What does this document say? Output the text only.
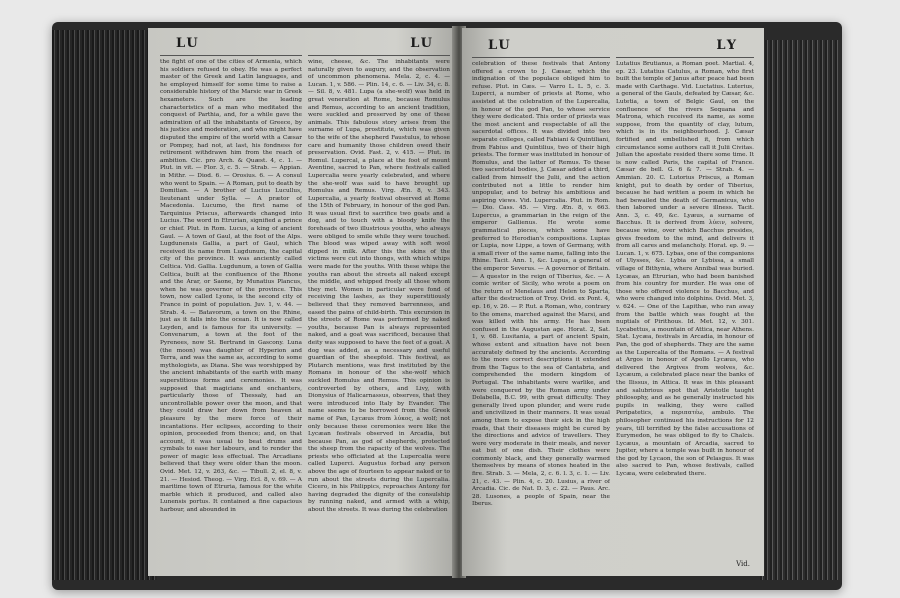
LU	LU

the fight of one of the cities of Armenia, which his soldiers refused to obey. He was a perfect master of the Greek and Latin languages, and he employed himself for some time to raise a considerable history of the Marsic war in Greek hexameters. Such are the leading characteristics of a man who meditated the conquest of Parthia, and, for a while gave the admiration of all the inhabitants of Greece, by his justice and moderation, and who might have disputed the empire of the world with a Cæsar or Pompey, had not, at last, his fondness for retirement withdrawn him from the reach of ambition. Cic. pro Arch. & Quæst. 4, c. 1. — Plut. in vit. — Flor. 3, c. 5. — Strab. — Appian. in Mithr. — Diod. 6. — Orosius. 6. — A consul who went to Spain. — A Roman, put to death by Domitian. — A brother of Lucius Lucullus, lieutenant under Sylla. — A prætor of Macedonia. Lucumo, the first name of Tarquinius Priscus, afterwards changed into Lucius. The word in Etrurian, signified a prince or chief. Plut. in Rom. Lucus, a king of ancient Gaul. — A town of Gaul, at the foot of the Alps. Lugdunensis Gallia, a part of Gaul, which received its name from Lugdunum, the capital city of the province. It was anciently called Celtica. Vid. Gallia. Lugdunum, a town of Gallia Celtica, built at the confluence of the Rhone and the Arar, or Saone, by Munatius Plancus, when he was governor of the province. This town, now called Lyons, is the second city of France in point of population. Juv. 1, v. 44. — Strab. 4. — Batavorum, a town on the Rhine, just as it falls into the ocean. It is now called Leyden, and is famous for its university. — Convenarum, a town at the foot of the Pyrenees, now St. Bertrand in Gascony. Luna (the moon) was daughter of Hyperion and Terra, and was the same as, according to some mythologists, as Diana. She was worshipped by the ancient inhabitants of the earth with many superstitious forms and ceremonies. It was supposed that magicians and enchanters, particularly those of Thessaly, had an uncontrollable power over the moon, and that they could draw her down from heaven at pleasure by the mere force of their incantations. Her eclipses, according to their opinion, proceeded from thence; and, on that account, it was usual to beat drums and cymbals to ease her labours, and to render the power of magic less effectual. The Arcadians believed that they were older than the moon. Ovid. Met. 12, v. 263, &c. — Tibull. 2, el. 8, v. 21. — Hesiod. Theog. — Virg. Ecl. 8, v. 69. — A maritime town of Etruria, famous for the white marble which it produced, and called also Lunensis portus. It contained a fine capacious harbour, and abounded in

wine, cheese, &c. The inhabitants were naturally given to augury, and the observation of uncommon phenomena. Mela. 2, c. 4. — Lucan. 1, v. 586. — Plin. 14, c. 6. — Liv. 34, c. 8. — Sil. 8, v. 481. Lupa (a she-wolf) was held in great veneration at Rome, because Romulus and Remus, according to an ancient tradition, were suckled and preserved by one of these animals. This fabulous story arises from the surname of Lupa, prostitute, which was given to the wife of the shepherd Faustulus, to whose care and humanity those children owed their preservation. Ovid. Fast. 2, v. 415. — Plut. in Romul. Lupercal, a place at the foot of mount Aventine, sacred to Pan, where festivals called Lupercalia were yearly celebrated, and where the she-wolf was said to have brought up Romulus and Remus. Virg. Æn. 8, v. 343. Lupercalia, a yearly festival observed at Rome the 15th of February, in honour of the god Pan. It was usual first to sacrifice two goats and a dog, and to touch with a bloody knife the foreheads of two illustrious youths, who always were obliged to smile while they were touched. The blood was wiped away with soft wool dipped in milk. After this the skins of the victims were cut into thongs, with which whips were made for the youths. With these whips the youths ran about the streets all naked except the middle, and whipped freely all those whom they met. Women in particular were fond of receiving the lashes, as they superstitiously believed that they removed barrenness, and eased the pains of child-birth. This excursion in the streets of Rome was performed by naked youths, because Pan is always represented naked, and a goat was sacrificed, because that deity was supposed to have the feet of a goat. A dog was added, as a necessary and useful guardian of the sheepfold. This festival, as Plutarch mentions, was first instituted by the Romans in honour of the she-wolf which suckled Romulus and Remus. This opinion is controverted by others, and Livy, with Dionysius of Halicarnassus, observes, that they were introduced into Italy by Evander. The name seems to be borrowed from the Greek name of Pan, Lycæus from λύκος, a wolf; not only because these ceremonies were like the Lycæan festivals observed in Arcadia, but because Pan, as god of shepherds, protected the sheep from the rapacity of the wolves. The priests who officiated at the Lupercalia were called Luperci. Augustus forbad any person above the age of fourteen to appear naked or to run about the streets during the Lupercalia. Cicero, in his Philippics, reproaches Antony for having degraded the dignity of the consulship by running naked, and armed with a whip, about the streets. It was during the celebration

LU	LY

celebration of these festivals that Antony offered a crown to J. Cæsar, which the indignation of the populace obliged him to refuse. Plut. in Cæs. — Varro L. L. 5, c. 3. Luperci, a number of priests at Rome, who assisted at the celebration of the Lupercalia, in honour of the god Pan, to whose service they were dedicated. This order of priests was the most ancient and respectable of all the sacerdotal offices. It was divided into two separate colleges, called Fabiani & Quintiliani, from Fabius and Quintilius, two of their high priests. The former was instituted in honour of Romulus, and the latter of Remus. To these two sacerdotal bodies, J. Cæsar added a third, called from himself the Julii, and the action contributed not a little to render him unpopular, and to betray his ambitious and aspiring views. Vid. Lupercalia. Plut. in Rom. — Dio. Cass. 45. — Virg. Æn. 8, v. 663. Lupercus, a grammarian in the reign of the emperor Gallienus. He wrote some grammatical pieces, which some have preferred to Herodian's compositions. Lupias or Lupia, now Lippe, a town of Germany, with a small river of the same name, falling into the Rhine. Tacit. Ann. 1, &c. Lupus, a general of the emperor Severus. — A governor of Britain. — A questor in the reign of Tiberius, &c. — A comic writer of Sicily, who wrote a poem on the return of Menelaus and Helen to Sparta, after the destruction of Troy. Ovid. ex Pont. 4, ep. 16, v. 26. — P. Rut. a Roman, who, contrary to the omens, marched against the Marsi, and was killed with his army. He has been confused in the Augustan age. Horat. 2, Sat. 1, v. 68. Lusitania, a part of ancient Spain, whose extent and situation have not been accurately defined by the ancients. According to the more correct descriptions it extended from the Tagus to the sea of Cantabria, and comprehended the modern kingdom of Portugal. The inhabitants were warlike, and were conquered by the Roman army under Dolabella, B.C. 99, with great difficulty. They generally lived upon plunder, and were rude and uncivilized in their manners. It was usual among them to expose their sick in the high roads, that their diseases might be cured by the directions and advice of travellers. They were very moderate in their meals, and never eat but of one dish. Their clothes were commonly black, and they generally warmed themselves by means of stones heated in the fire. Strab. 3. — Mela, 2, c. 6. l. 3, c. 1. — Liv. 21, c. 43. — Plin. 4, c. 20. Lusius, a river of Arcadia. Cic. de Nat. D. 3, c. 22. — Paus. Arc. 28. Lusones, a people of Spain, near the Iberus.

Lutatius Brutianus, a Roman poet. Martial. 4, ep. 23. Lutatius Catulus, a Roman, who first built the temple of Janus after peace had been made with Carthage. Vid. Luctatius. Luterius, a general of the Gauls, defeated by Cæsar, &c. Lutetia, a town of Belgic Gaul, on the confluence of the rivers Sequana and Matrona, which received its name, as some suppose, from the quantity of clay, lutum, which is in its neighbourhood. J. Cæsar fortified and embellished it, from which circumstance some authors call it Julii Civitas. Julian the apostate resided there some time. It is now called Paris, the capital of France. Cæsar de bell. G. 6 & 7. — Strab. 4. — Ammian. 20. C. Lutorius Priscus, a Roman knight, put to death by order of Tiberius, because he had written a poem in which he had bewailed the death of Germanicus, who then labored under a severe illness. Tacit. Ann. 3, c. 49, &c. Lyæus, a surname of Bacchus. It is derived from λύειν, solvere, because wine, over which Bacchus presides, gives freedom to the mind, and delivers it from all cares and melancholy. Horat. ep. 9. — Lucan. 1, v. 675. Lybas, one of the companions of Ulysses, &c. Lybia or Lybissa, a small village of Bithynia, where Annibal was buried. Lycæas, an Etrurian, who had been banished from his country for murder. He was one of those who offered violence to Bacchus, and who were changed into dolphins. Ovid. Met. 3, v. 624. — One of the Lapithæ, who ran away from the battle which was fought at the nuptials of Pirithous. Id. Met. 12, v. 301. Lycabettus, a mountain of Attica, near Athens. Stat. Lycæa, festivals in Arcadia, in honour of Pan, the god of shepherds. They are the same as the Lupercalia of the Romans. — A festival at Argos in honour of Apollo Lycæus, who delivered the Argives from wolves, &c. Lycæum, a celebrated place near the banks of the Ilissus, in Attica. It was in this pleasant and salubrious spot that Aristotle taught philosophy, and as he generally instructed his pupils in walking, they were called Peripatetics, a περιπατέω, ambulo. The philosopher continued his instructions for 12 years, till terrified by the false accusations of Eurymedon, he was obliged to fly to Chalcis. Lycæus, a mountain of Arcadia, sacred to Jupiter, where a temple was built in honour of the god by Lycaon, the son of Pelasgus. It was also sacred to Pan, whose festivals, called Lycæa, were celebrated there.

Vid.
